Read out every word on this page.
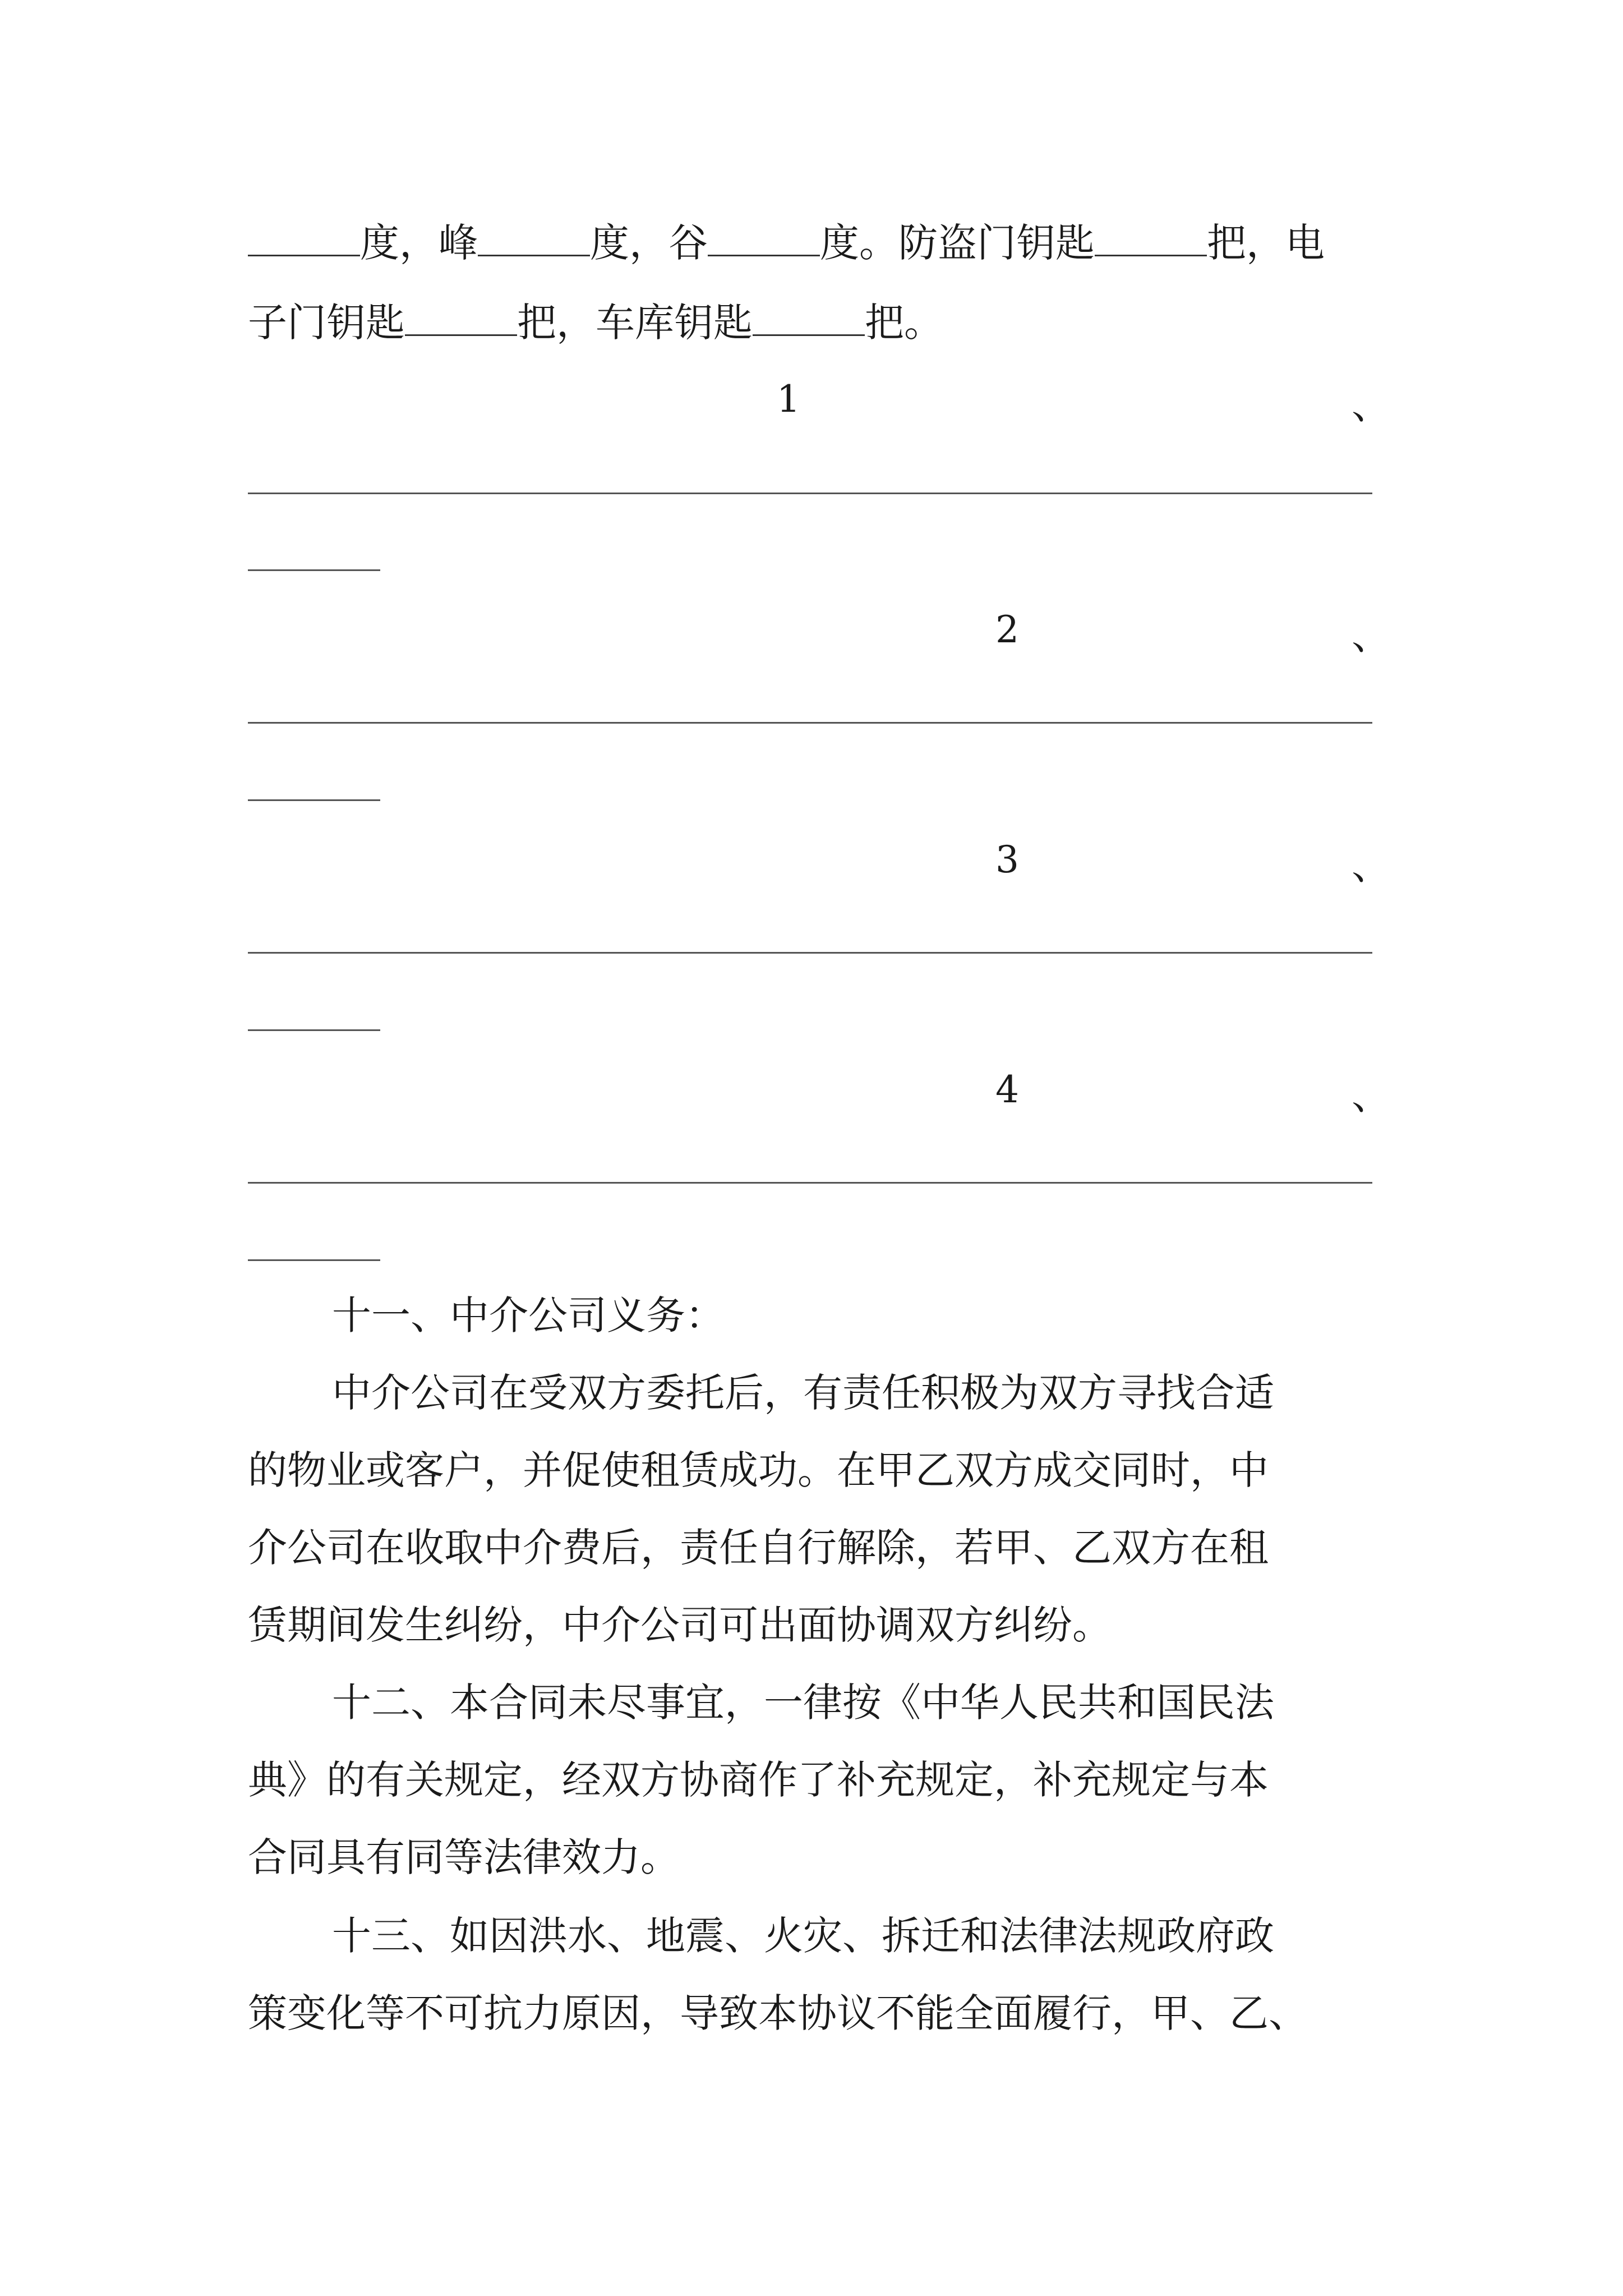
度，峰	度，谷	度。防盗门钥匙	把，电
子门钥匙	把，车库钥匙	把。
1	、
2	、
3	、
4	、
十一、中介公司义务：
中介公司在受双方委托后，有责任积极为双方寻找合适
的物业或客户，并促使租赁成功。在甲乙双方成交同时，中
介公司在收取中介费后，责任自行解除，若甲、乙双方在租
赁期间发生纠纷，中介公司可出面协调双方纠纷。
十二、本合同未尽事宜，一律按《中华人民共和国民法
典》的有关规定，经双方协商作了补充规定，补充规定与本
合同具有同等法律效力。
十三、如因洪水、地震、火灾、拆迁和法律法规政府政
策变化等不可抗力原因，导致本协议不能全面履行，甲、乙、
